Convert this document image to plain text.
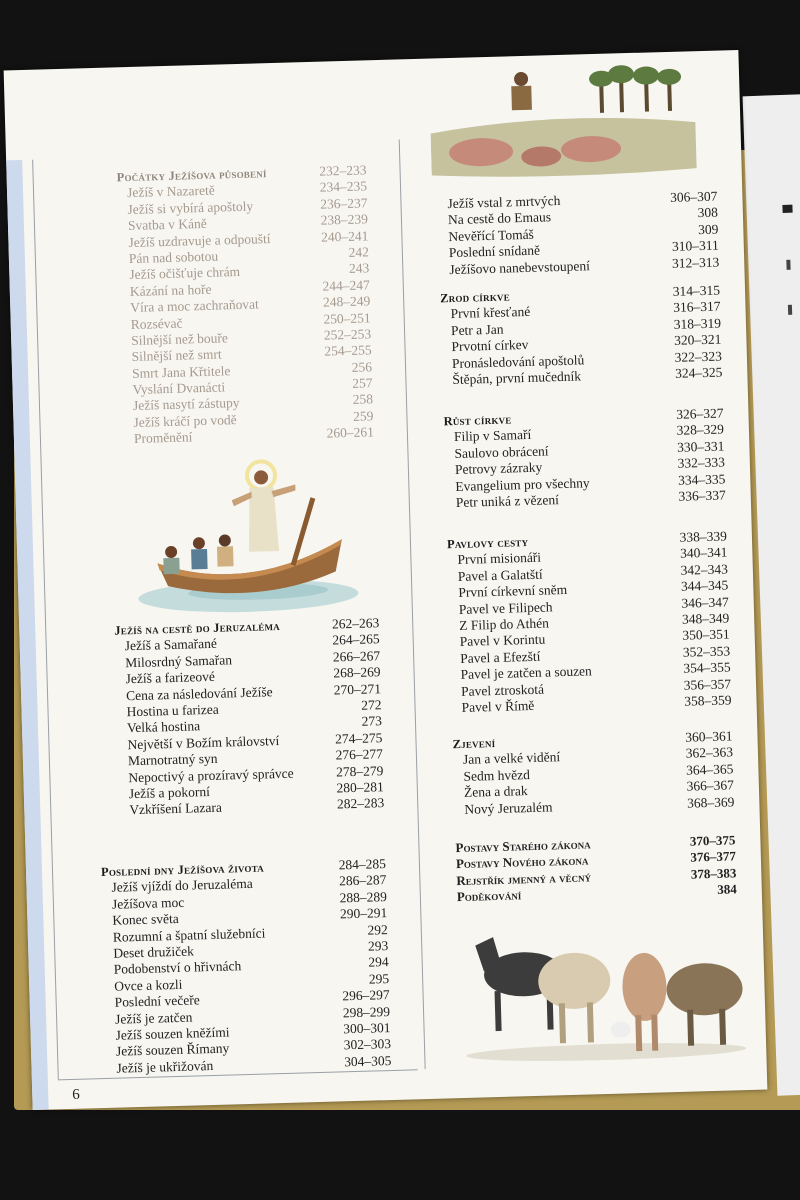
Počátky Ježíšova působení	232–233
Ježíš v Nazaretě	234–235
Ježíš si vybírá apoštoly	236–237
Svatba v Káně	238–239
Ježíš uzdravuje a odpouští	240–241
Pán nad sobotou	242
Ježíš očišťuje chrám	243
Kázání na hoře	244–247
Víra a moc zachraňovat	248–249
Rozsévač	250–251
Silnější než bouře	252–253
Silnější než smrt	254–255
Smrt Jana Křtitele	256
Vyslání Dvanácti	257
Ježíš nasytí zástupy	258
Ježíš kráčí po vodě	259
Proměnění	260–261
Ježíš na cestě do Jeruzaléma	262–263
Ježíš a Samařané	264–265
Milosrdný Samařan	266–267
Ježíš a farizeové	268–269
Cena za následování Ježíše	270–271
Hostina u farizea	272
Velká hostina	273
Největší v Božím království	274–275
Marnotratný syn	276–277
Nepoctivý a prozíravý správce	278–279
Ježíš a pokorní	280–281
Vzkříšení Lazara	282–283
Poslední dny Ježíšova života	284–285
Ježíš vjíždí do Jeruzaléma	286–287
Ježíšova moc	288–289
Konec světa	290–291
Rozumní a špatní služebníci	292
Deset družiček	293
Podobenství o hřivnách	294
Ovce a kozli	295
Poslední večeře	296–297
Ježíš je zatčen	298–299
Ježíš souzen kněžími	300–301
Ježíš souzen Římany	302–303
Ježíš je ukřižován	304–305
6
Ježíš vstal z mrtvých	306–307
Na cestě do Emaus	308
Nevěřící Tomáš	309
Poslední snídaně	310–311
Ježíšovo nanebevstoupení	312–313
Zrod církve	314–315
První křesťané	316–317
Petr a Jan	318–319
Prvotní církev	320–321
Pronásledování apoštolů	322–323
Štěpán, první mučedník	324–325
Růst církve	326–327
Filip v Samaří	328–329
Saulovo obrácení	330–331
Petrovy zázraky	332–333
Evangelium pro všechny	334–335
Petr uniká z vězení	336–337
Pavlovy cesty	338–339
První misionáři	340–341
Pavel a Galatští	342–343
První církevní sněm	344–345
Pavel ve Filipech	346–347
Z Filip do Athén	348–349
Pavel v Korintu	350–351
Pavel a Efezští	352–353
Pavel je zatčen a souzen	354–355
Pavel ztroskotá	356–357
Pavel v Římě	358–359
Zjevení	360–361
Jan a velké vidění	362–363
Sedm hvězd	364–365
Žena a drak	366–367
Nový Jeruzalém	368–369
Postavy Starého zákona	370–375
Postavy Nového zákona	376–377
Rejstřík jmenný a věcný	378–383
Poděkování	384
